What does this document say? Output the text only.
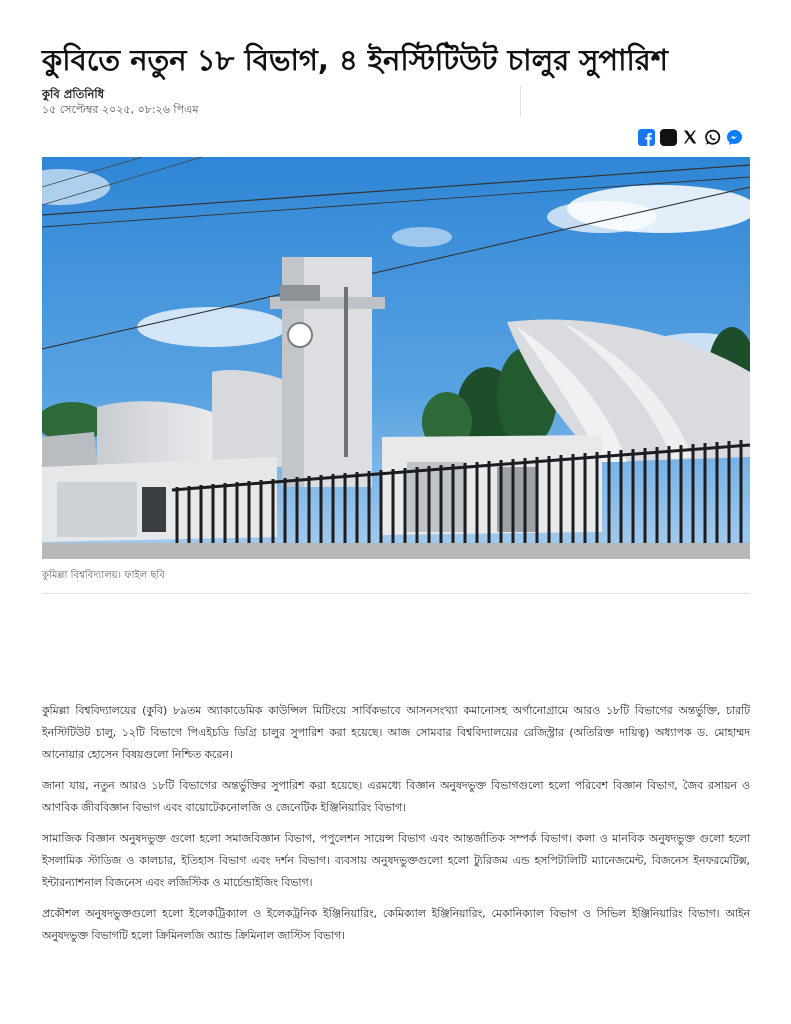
কুবিতে নতুন ১৮ বিভাগ, ৪ ইনস্টিটিউট চালুর সুপারিশ
কুবি প্রতিনিধি
১৫ সেপ্টেম্বর ২০২৫, ০৮:২৬ পিএম
কুমিল্লা বিশ্ববিদ্যালয়। ফাইল ছবি

কুমিল্লা বিশ্ববিদ্যালয়ের (কুবি) ৮৯তম অ্যাকাডেমিক কাউন্সিল মিটিংয়ে সার্বিকভাবে আসনসংখ্যা কমানোসহ অর্গানোগ্রামে আরও ১৮টি বিভাগের অন্তর্ভুক্তি, চারটি ইনস্টিটিউট চালু, ১২টি বিভাগে পিএইচডি ডিগ্রি চালুর সুপারিশ করা হয়েছে। আজ সোমবার বিশ্ববিদ্যালয়ের রেজিস্ট্রার (অতিরিক্ত দায়িত্ব) অধ্যাপক ড. মোহাম্মদ আনোয়ার হোসেন বিষয়গুলো নিশ্চিত করেন।

জানা যায়, নতুন আরও ১৮টি বিভাগের অন্তর্ভুক্তির সুপারিশ করা হয়েছে। এরমধ্যে বিজ্ঞান অনুষদভুক্ত বিভাগগুলো হলো পরিবেশ বিজ্ঞান বিভাগ, জৈব রসায়ন ও আণবিক জীববিজ্ঞান বিভাগ এবং বায়োটেকনোলজি ও জেনেটিক ইঞ্জিনিয়ারিং বিভাগ।

সামাজিক বিজ্ঞান অনুষদভুক্ত গুলো হলো সমাজবিজ্ঞান বিভাগ, পপুলেশন সায়েন্স বিভাগ এবং আন্তর্জাতিক সম্পর্ক বিভাগ। কলা ও মানবিক অনুষদভুক্ত গুলো হলো ইসলামিক স্টাডিজ ও কালচার, ইতিহাস বিভাগ এবং দর্শন বিভাগ। ব্যবসায় অনুষদভুক্তগুলো হলো ট্যুরিজম এন্ড হসপিটালিটি ম্যানেজমেন্ট, বিজনেস ইনফরমেটিক্স, ইন্টারন্যাশনাল বিজনেস এবং লজিস্টিক ও মার্চেন্ডাইজিং বিভাগ।

প্রকৌশল অনুষদভুক্তগুলো হলো ইলেকট্রিক্যাল ও ইলেকট্রনিক ইঞ্জিনিয়ারিং, কেমিক্যাল ইঞ্জিনিয়ারিং, মেকানিক্যাল বিভাগ ও সিভিল ইঞ্জিনিয়ারিং বিভাগ। আইন অনুষদভুক্ত বিভাগটি হলো ক্রিমিনলজি অ্যান্ড ক্রিমিনাল জাস্টিস বিভাগ।
